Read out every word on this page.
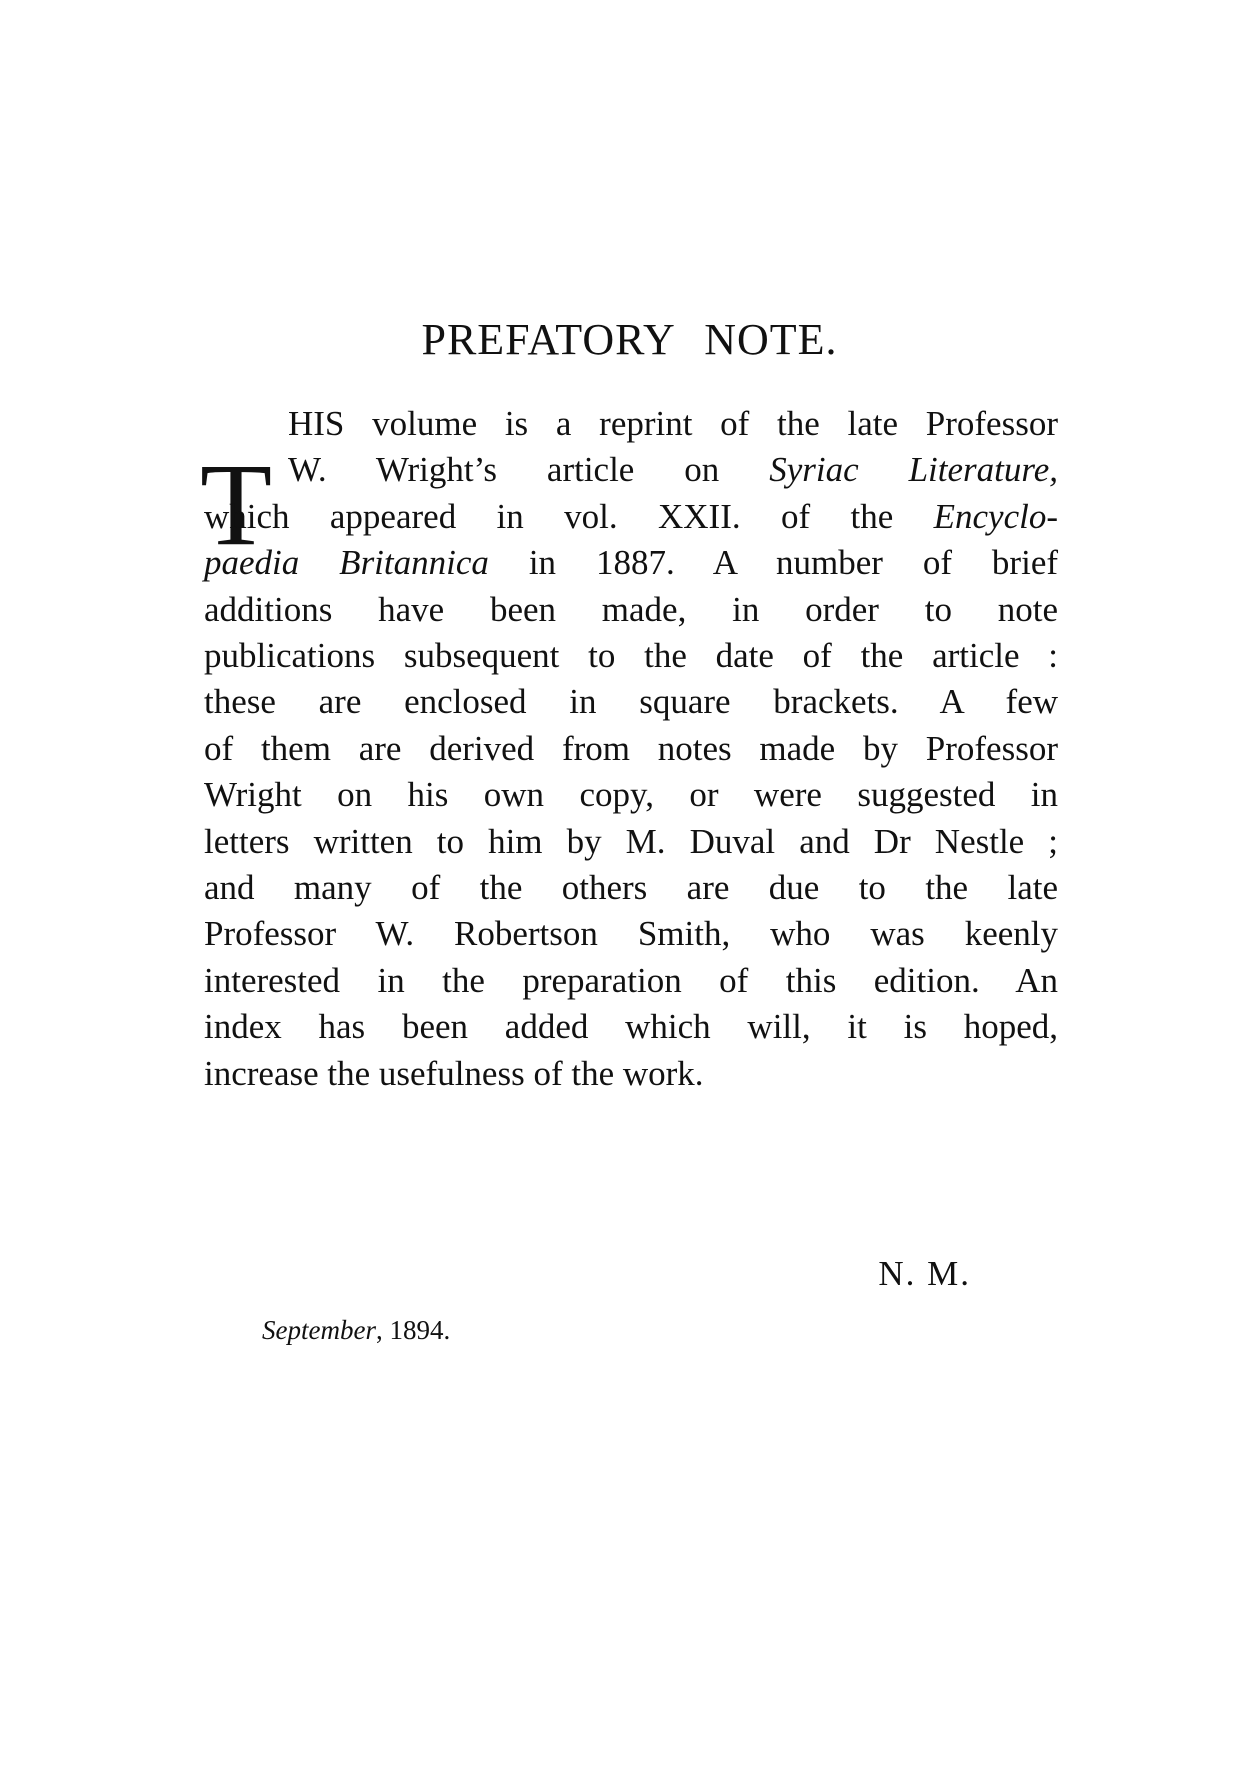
PREFATORY NOTE.
T
HIS volume is a reprint of the late Professor
W. Wright’s article on Syriac Literature,
which appeared in vol. XXII. of the Encyclo-
paedia Britannica in 1887. A number of brief
additions have been made, in order to note
publications subsequent to the date of the article :
these are enclosed in square brackets. A few
of them are derived from notes made by Professor
Wright on his own copy, or were suggested in
letters written to him by M. Duval and Dr Nestle ;
and many of the others are due to the late
Professor W. Robertson Smith, who was keenly
interested in the preparation of this edition. An
index has been added which will, it is hoped,
increase the usefulness of the work.
N. M.
September, 1894.
